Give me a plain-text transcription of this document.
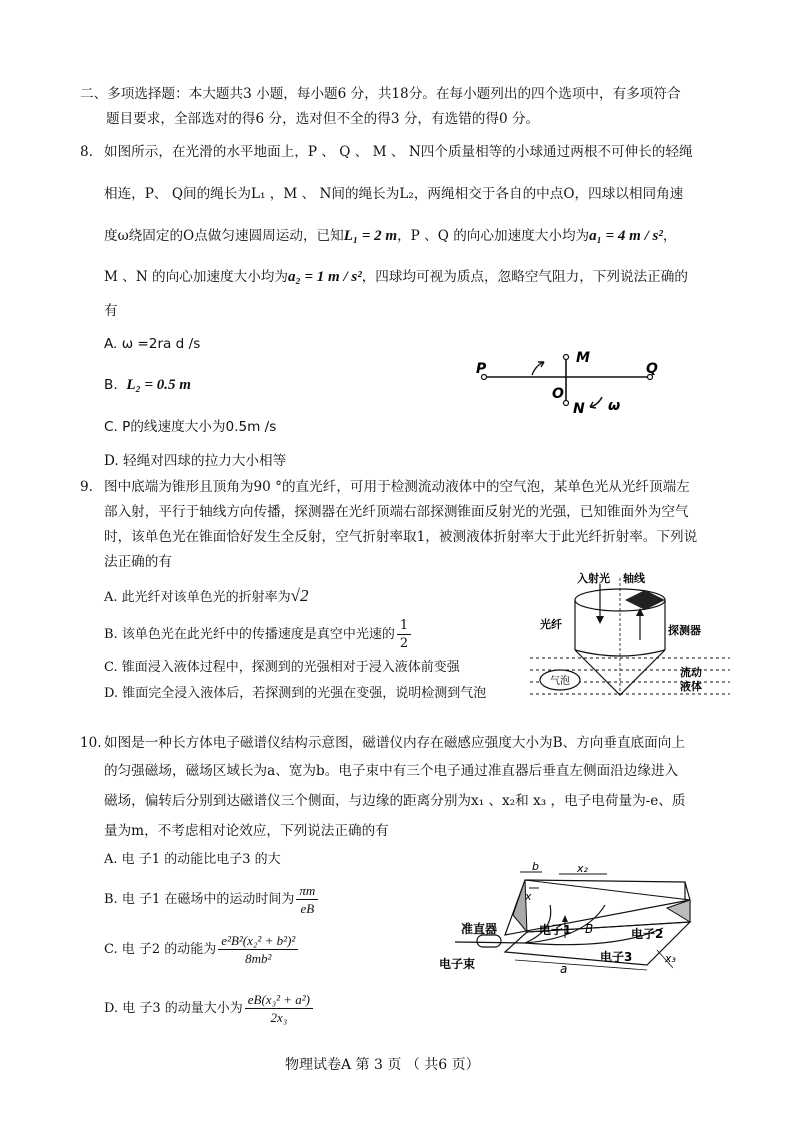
二、多项选择题：本大题共3 小题，每小题6 分，共18分。在每小题列出的四个选项中，有多项符合
题目要求，全部选对的得6 分，选对但不全的得3 分，有选错的得0 分。
8. 如图所示，在光滑的水平地面上，P 、 Q 、 M 、 N四个质量相等的小球通过两根不可伸长的轻绳
相连，P、 Q间的绳长为L₁ ，M 、 N间的绳长为L₂，两绳相交于各自的中点O，四球以相同角速
度ω绕固定的O点做匀速圆周运动，已知L₁ = 2 m，P 、Q 的向心加速度大小均为a₁ = 4 m / s²，
M 、N 的向心加速度大小均为a₂ = 1 m / s²，四球均可视为质点，忽略空气阻力，下列说法正确的
有
A. ω =2ra d /s
B. L₂ = 0.5 m
C. P的线速度大小为0.5m /s
D. 轻绳对四球的拉力大小相等
P	Q
M
O
N ω
9. 图中底端为锥形且顶角为90 °的直光纤，可用于检测流动液体中的空气泡，某单色光从光纤顶端左
部入射，平行于轴线方向传播，探测器在光纤顶端右部探测锥面反射光的光强，已知锥面外为空气
时，该单色光在锥面恰好发生全反射，空气折射率取1，被测液体折射率大于此光纤折射率。下列说
法正确的有
A. 此光纤对该单色光的折射率为√2
B. 该单色光在此光纤中的传播速度是真空中光速的 $\frac{1}{2}$
C. 锥面浸入液体过程中，探测到的光强相对于浸入液体前变强
D. 锥面完全浸入液体后，若探测到的光强在变强，说明检测到气泡
入射光 轴线
光纤	探测器
流动
液体
气泡
10. 如图是一种长方体电子磁谱仪结构示意图，磁谱仪内存在磁感应强度大小为B、方向垂直底面向上
的匀强磁场，磁场区域长为a、宽为b。电子束中有三个电子通过准直器后垂直左侧面沿边缘进入
磁场，偏转后分别到达磁谱仪三个侧面，与边缘的距离分别为x₁ 、x₂和 x₃ ，电子电荷量为-e、质
量为m，不考虑相对论效应，下列说法正确的有
A. 电 子1 的动能比电子3 的大
B. 电 子1 在磁场中的运动时间为 $\frac{\pi m}{eB}$
C. 电 子2 的动能为 $\frac{\text{e²B²(x₂² + b²)²}}{\text{8mb²}}$
D. 电 子3 的动量大小为 $\frac{\text{eB(x₃² + a²)}}{\text{2x₃}}$
b
x
x₂
准直器	电子1 B	电子2
电子3
电子束	a
x₃
物理试卷A 第 3 页 （ 共6 页）
